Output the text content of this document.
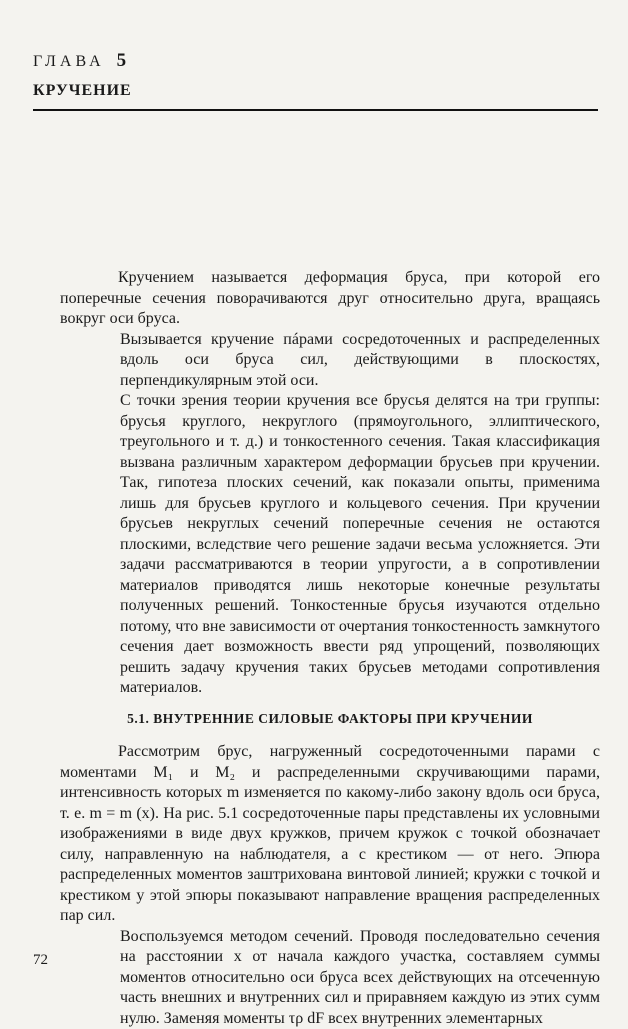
ГЛАВА 5
КРУЧЕНИЕ

Кручением называется деформация бруса, при которой его поперечные сечения поворачиваются друг относительно друга, вращаясь вокруг оси бруса.

Вызывается кручение пáрами сосредоточенных и распределенных вдоль оси бруса сил, действующими в плоскостях, перпендикулярным этой оси.

С точки зрения теории кручения все брусья делятся на три группы: брусья круглого, некруглого (прямоугольного, эллиптического, треугольного и т. д.) и тонкостенного сечения. Такая классификация вызвана различным характером деформации брусьев при кручении. Так, гипотеза плоских сечений, как показали опыты, применима лишь для брусьев круглого и кольцевого сечения. При кручении брусьев некруглых сечений поперечные сечения не остаются плоскими, вследствие чего решение задачи весьма усложняется. Эти задачи рассматриваются в теории упругости, а в сопротивлении материалов приводятся лишь некоторые конечные результаты полученных решений. Тонкостенные брусья изучаются отдельно потому, что вне зависимости от очертания тонкостенность замкнутого сечения дает возможность ввести ряд упрощений, позволяющих решить задачу кручения таких брусьев методами сопротивления материалов.

5.1. ВНУТРЕННИЕ СИЛОВЫЕ ФАКТОРЫ ПРИ КРУЧЕНИИ

Рассмотрим брус, нагруженный сосредоточенными парами с моментами M₁ и M₂ и распределенными скручивающими парами, интенсивность которых m изменяется по какому-либо закону вдоль оси бруса, т. е. m = m (x). На рис. 5.1 сосредоточенные пары представлены их условными изображениями в виде двух кружков, причем кружок с точкой обозначает силу, направленную на наблюдателя, а с крестиком — от него. Эпюра распределенных моментов заштрихована винтовой линией; кружки с точкой и крестиком у этой эпюры показывают направление вращения распределенных пар сил.

Воспользуемся методом сечений. Проводя последовательно сечения на расстоянии x от начала каждого участка, составляем суммы моментов относительно оси бруса всех действующих на отсеченную часть внешних и внутренних сил и приравняем каждую из этих сумм нулю. Заменяя моменты τρ dF всех внутренних элементарных

72
